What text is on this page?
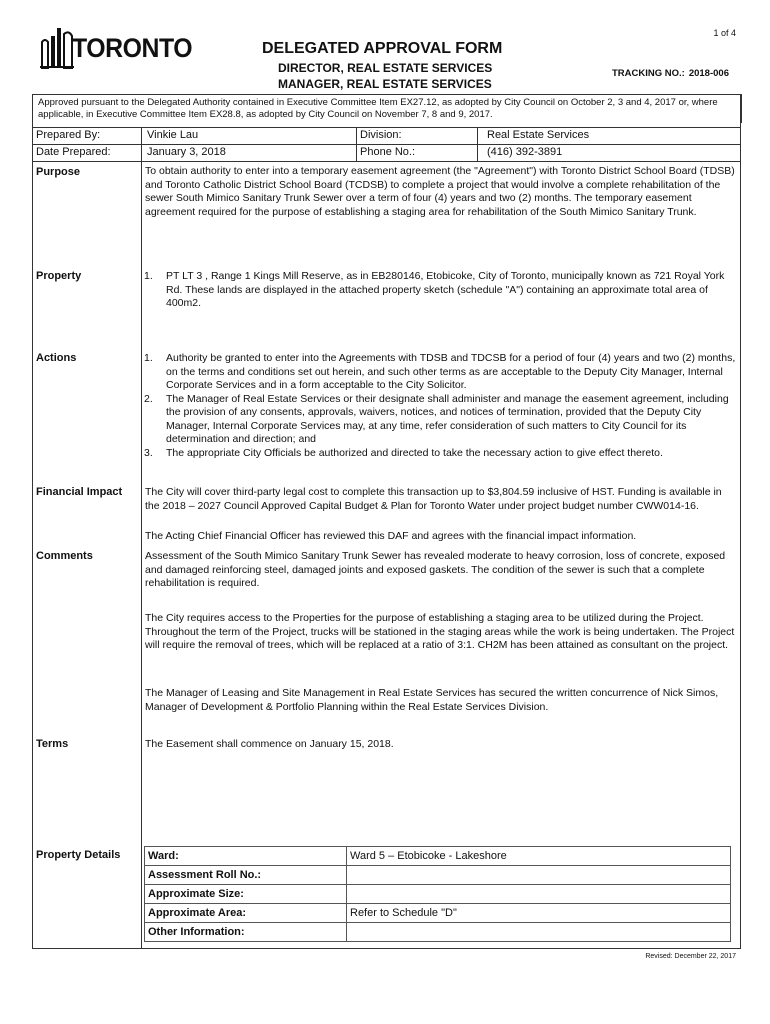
1 of 4
TORONTO	DELEGATED APPROVAL FORM
DIRECTOR, REAL ESTATE SERVICES
MANAGER, REAL ESTATE SERVICES
TRACKING NO.: 2018-006
Approved pursuant to the Delegated Authority contained in Executive Committee Item EX27.12, as adopted by City Council on October 2, 3 and 4, 2017 or, where applicable, in Executive Committee Item EX28.8, as adopted by City Council on November 7, 8 and 9, 2017.
Prepared By:	Vinkie Lau	Division:	Real Estate Services
Date Prepared:	January 3, 2018	Phone No.:	(416) 392-3891
Purpose	To obtain authority to enter into a temporary easement agreement (the "Agreement") with Toronto District School Board (TDSB) and Toronto Catholic District School Board (TCDSB) to complete a project that would involve a complete rehabilitation of the sewer South Mimico Sanitary Trunk Sewer over a term of four (4) years and two (2) months. The temporary easement agreement required for the purpose of establishing a staging area for rehabilitation of the South Mimico Sanitary Trunk.
Property	1. PT LT 3 , Range 1 Kings Mill Reserve, as in EB280146, Etobicoke, City of Toronto, municipally known as 721 Royal York Rd. These lands are displayed in the attached property sketch (schedule "A") containing an approximate total area of 400m2.
Actions	1. Authority be granted to enter into the Agreements with TDSB and TDCSB for a period of four (4) years and two (2) months, on the terms and conditions set out herein, and such other terms as are acceptable to the Deputy City Manager, Internal Corporate Services and in a form acceptable to the City Solicitor.
2. The Manager of Real Estate Services or their designate shall administer and manage the easement agreement, including the provision of any consents, approvals, waivers, notices, and notices of termination, provided that the Deputy City Manager, Internal Corporate Services may, at any time, refer consideration of such matters to City Council for its determination and direction; and
3. The appropriate City Officials be authorized and directed to take the necessary action to give effect thereto.
Financial Impact The City will cover third-party legal cost to complete this transaction up to $3,804.59 inclusive of HST. Funding is available in the 2018 – 2027 Council Approved Capital Budget & Plan for Toronto Water under project budget number CWW014-16.
The Acting Chief Financial Officer has reviewed this DAF and agrees with the financial impact information.
Comments	Assessment of the South Mimico Sanitary Trunk Sewer has revealed moderate to heavy corrosion, loss of concrete, exposed and damaged reinforcing steel, damaged joints and exposed gaskets. The condition of the sewer is such that a complete rehabilitation is required.
The City requires access to the Properties for the purpose of establishing a staging area to be utilized during the Project. Throughout the term of the Project, trucks will be stationed in the staging areas while the work is being undertaken. The Project will require the removal of trees, which will be replaced at a ratio of 3:1. CH2M has been attained as consultant on the project.
The Manager of Leasing and Site Management in Real Estate Services has secured the written concurrence of Nick Simos, Manager of Development & Portfolio Planning within the Real Estate Services Division.
Terms	The Easement shall commence on January 15, 2018.
Property Details	Ward:	Ward 5 – Etobicoke - Lakeshore
Assessment Roll No.:	
Approximate Size:	
Approximate Area:	Refer to Schedule "D"
Other Information:	
Revised: December 22, 2017
